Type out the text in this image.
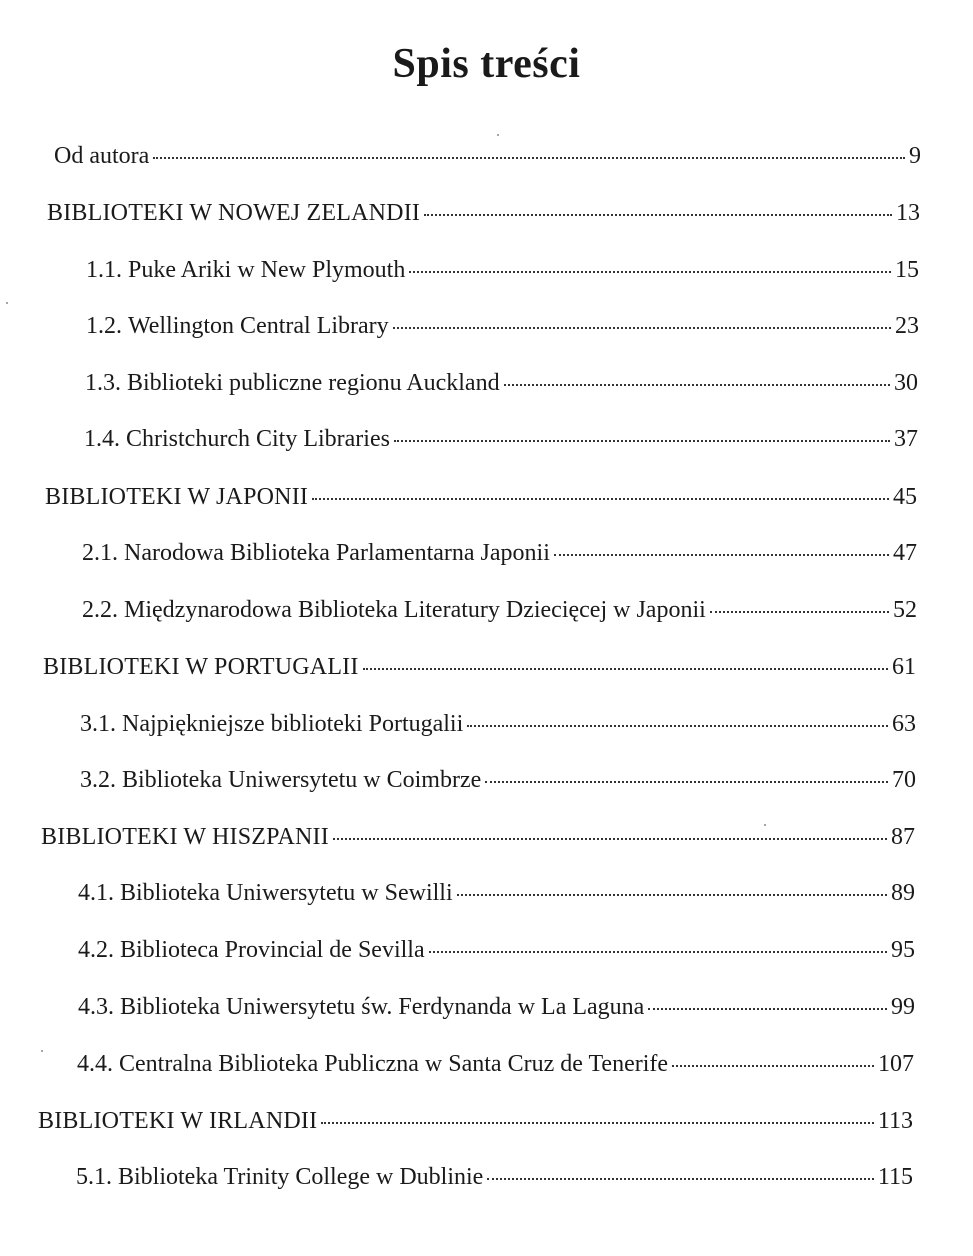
Spis treści
Od autora	9
BIBLIOTEKI W NOWEJ ZELANDII	13
1.1. Puke Ariki w New Plymouth	15
1.2. Wellington Central Library	23
1.3. Biblioteki publiczne regionu Auckland	30
1.4. Christchurch City Libraries	37
BIBLIOTEKI W JAPONII	45
2.1. Narodowa Biblioteka Parlamentarna Japonii	47
2.2. Międzynarodowa Biblioteka Literatury Dziecięcej w Japonii	52
BIBLIOTEKI W PORTUGALII	61
3.1. Najpiękniejsze biblioteki Portugalii	63
3.2. Biblioteka Uniwersytetu w Coimbrze	70
BIBLIOTEKI W HISZPANII	87
4.1. Biblioteka Uniwersytetu w Sewilli	89
4.2. Biblioteca Provincial de Sevilla	95
4.3. Biblioteka Uniwersytetu św. Ferdynanda w La Laguna	99
4.4. Centralna Biblioteka Publiczna w Santa Cruz de Tenerife	107
BIBLIOTEKI W IRLANDII	113
5.1. Biblioteka Trinity College w Dublinie	115
